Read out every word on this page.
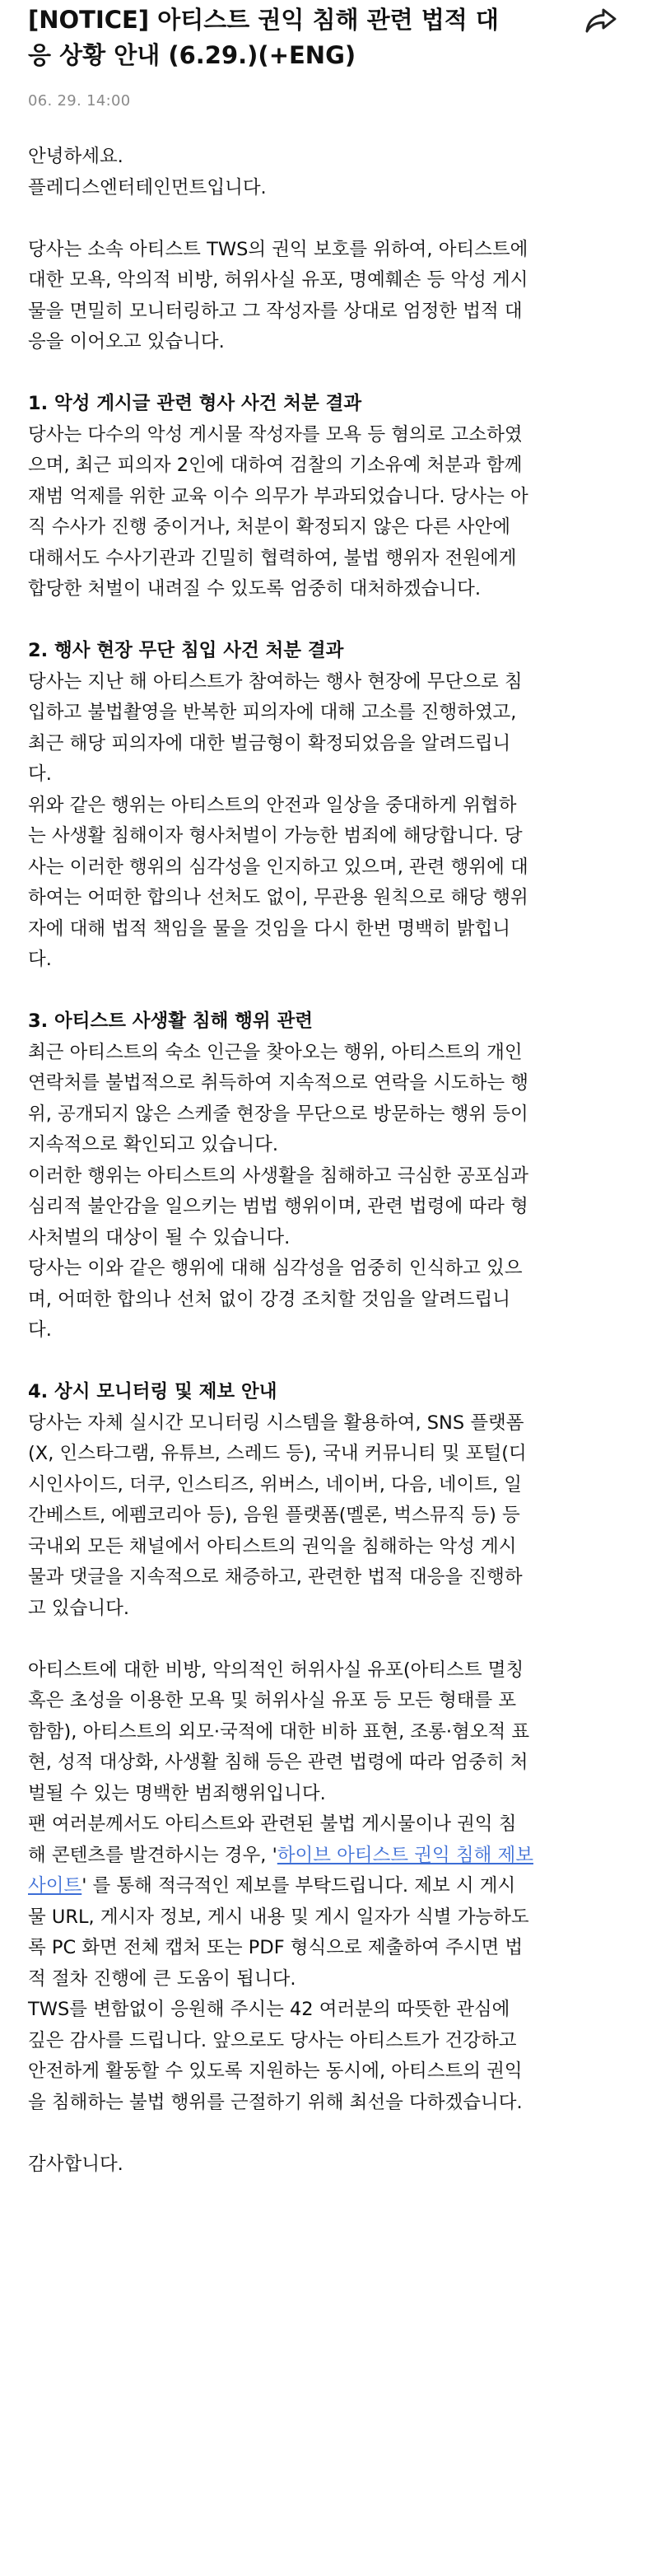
[NOTICE] 아티스트 권익 침해 관련 법적 대
응 상황 안내 (6.29.)(+ENG)
06. 29. 14:00

안녕하세요.

플레디스엔터테인먼트입니다.

당사는 소속 아티스트 TWS의 권익 보호를 위하여, 아티스트에

대한 모욕, 악의적 비방, 허위사실 유포, 명예훼손 등 악성 게시

물을 면밀히 모니터링하고 그 작성자를 상대로 엄정한 법적 대

응을 이어오고 있습니다.

1. 악성 게시글 관련 형사 사건 처분 결과

당사는 다수의 악성 게시물 작성자를 모욕 등 혐의로 고소하였

으며, 최근 피의자 2인에 대하여 검찰의 기소유예 처분과 함께

재범 억제를 위한 교육 이수 의무가 부과되었습니다. 당사는 아

직 수사가 진행 중이거나, 처분이 확정되지 않은 다른 사안에

대해서도 수사기관과 긴밀히 협력하여, 불법 행위자 전원에게

합당한 처벌이 내려질 수 있도록 엄중히 대처하겠습니다.

2. 행사 현장 무단 침입 사건 처분 결과

당사는 지난 해 아티스트가 참여하는 행사 현장에 무단으로 침

입하고 불법촬영을 반복한 피의자에 대해 고소를 진행하였고,

최근 해당 피의자에 대한 벌금형이 확정되었음을 알려드립니

다.

위와 같은 행위는 아티스트의 안전과 일상을 중대하게 위협하

는 사생활 침해이자 형사처벌이 가능한 범죄에 해당합니다. 당

사는 이러한 행위의 심각성을 인지하고 있으며, 관련 행위에 대

하여는 어떠한 합의나 선처도 없이, 무관용 원칙으로 해당 행위

자에 대해 법적 책임을 물을 것임을 다시 한번 명백히 밝힙니

다.

3. 아티스트 사생활 침해 행위 관련

최근 아티스트의 숙소 인근을 찾아오는 행위, 아티스트의 개인

연락처를 불법적으로 취득하여 지속적으로 연락을 시도하는 행

위, 공개되지 않은 스케줄 현장을 무단으로 방문하는 행위 등이

지속적으로 확인되고 있습니다.

이러한 행위는 아티스트의 사생활을 침해하고 극심한 공포심과

심리적 불안감을 일으키는 범법 행위이며, 관련 법령에 따라 형

사처벌의 대상이 될 수 있습니다.

당사는 이와 같은 행위에 대해 심각성을 엄중히 인식하고 있으

며, 어떠한 합의나 선처 없이 강경 조치할 것임을 알려드립니

다.

4. 상시 모니터링 및 제보 안내

당사는 자체 실시간 모니터링 시스템을 활용하여, SNS 플랫폼

(X, 인스타그램, 유튜브, 스레드 등), 국내 커뮤니티 및 포털(디

시인사이드, 더쿠, 인스티즈, 위버스, 네이버, 다음, 네이트, 일

간베스트, 에펨코리아 등), 음원 플랫폼(멜론, 벅스뮤직 등) 등

국내외 모든 채널에서 아티스트의 권익을 침해하는 악성 게시

물과 댓글을 지속적으로 채증하고, 관련한 법적 대응을 진행하

고 있습니다.

아티스트에 대한 비방, 악의적인 허위사실 유포(아티스트 멸칭

혹은 초성을 이용한 모욕 및 허위사실 유포 등 모든 형태를 포

함함), 아티스트의 외모·국적에 대한 비하 표현, 조롱·혐오적 표

현, 성적 대상화, 사생활 침해 등은 관련 법령에 따라 엄중히 처

벌될 수 있는 명백한 범죄행위입니다.

팬 여러분께서도 아티스트와 관련된 불법 게시물이나 권익 침

해 콘텐츠를 발견하시는 경우, '하이브 아티스트 권익 침해 제보

사이트' 를 통해 적극적인 제보를 부탁드립니다. 제보 시 게시

물 URL, 게시자 정보, 게시 내용 및 게시 일자가 식별 가능하도

록 PC 화면 전체 캡처 또는 PDF 형식으로 제출하여 주시면 법

적 절차 진행에 큰 도움이 됩니다.

TWS를 변함없이 응원해 주시는 42 여러분의 따뜻한 관심에

깊은 감사를 드립니다. 앞으로도 당사는 아티스트가 건강하고

안전하게 활동할 수 있도록 지원하는 동시에, 아티스트의 권익

을 침해하는 불법 행위를 근절하기 위해 최선을 다하겠습니다.

감사합니다.
